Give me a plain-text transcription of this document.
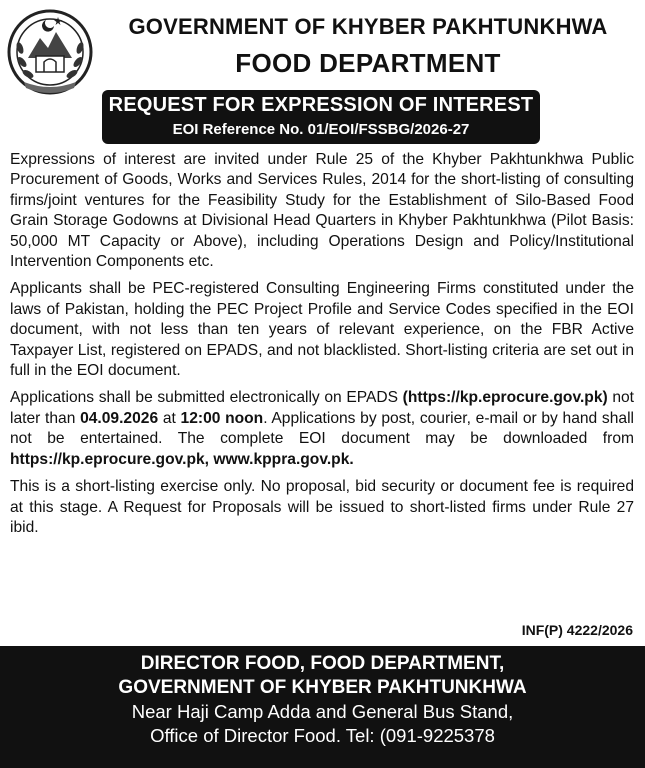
GOVERNMENT OF KHYBER PAKHTUNKHWA
FOOD DEPARTMENT
REQUEST FOR EXPRESSION OF INTEREST
EOI Reference No. 01/EOI/FSSBG/2026-27

Expressions of interest are invited under Rule 25 of the Khyber Pakhtunkhwa Public Procurement of Goods, Works and Services Rules, 2014 for the short-listing of consulting firms/joint ventures for the Feasibility Study for the Establishment of Silo-Based Food Grain Storage Godowns at Divisional Head Quarters in Khyber Pakhtunkhwa (Pilot Basis: 50,000 MT Capacity or Above), including Operations Design and Policy/Institutional Intervention Components etc.

Applicants shall be PEC-registered Consulting Engineering Firms constituted under the laws of Pakistan, holding the PEC Project Profile and Service Codes specified in the EOI document, with not less than ten years of relevant experience, on the FBR Active Taxpayer List, registered on EPADS, and not blacklisted. Short-listing criteria are set out in full in the EOI document.

Applications shall be submitted electronically on EPADS (https://kp.eprocure.gov.pk) not later than 04.09.2026 at 12:00 noon. Applications by post, courier, e-mail or by hand shall not be entertained. The complete EOI document may be downloaded from https://kp.eprocure.gov.pk, www.kppra.gov.pk.

This is a short-listing exercise only. No proposal, bid security or document fee is required at this stage. A Request for Proposals will be issued to short-listed firms under Rule 27 ibid.

INF(P) 4222/2026
DIRECTOR FOOD, FOOD DEPARTMENT,
GOVERNMENT OF KHYBER PAKHTUNKHWA
Near Haji Camp Adda and General Bus Stand,
Office of Director Food. Tel: (091-9225378
